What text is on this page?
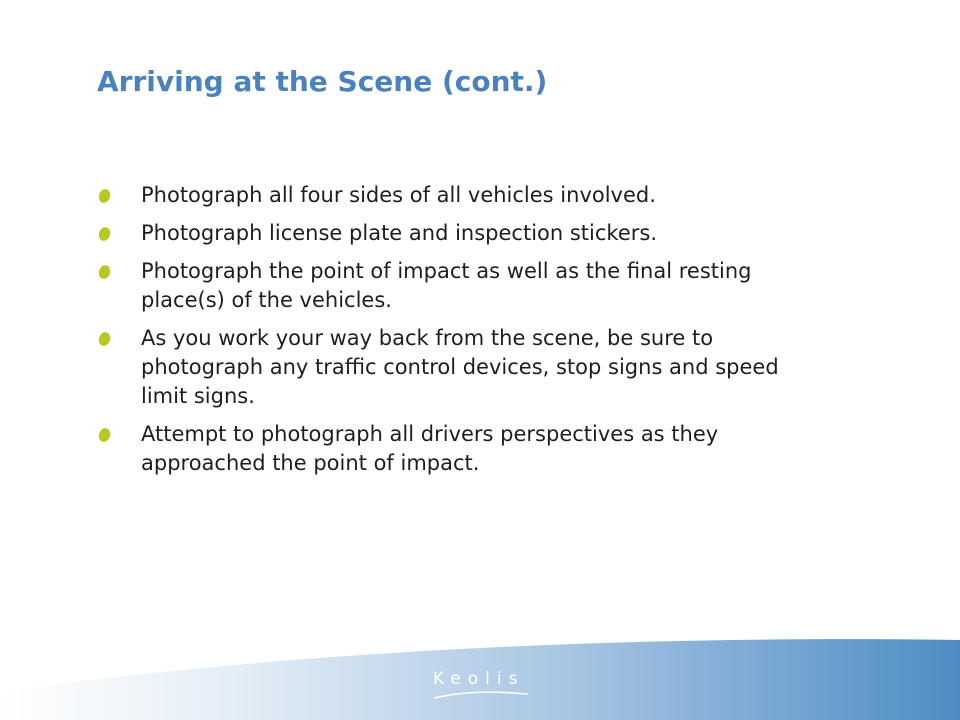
Arriving at the Scene (cont.)
Photograph all four sides of all vehicles involved.
Photograph license plate and inspection stickers.
Photograph the point of impact as well as the final resting place(s) of the vehicles.
As you work your way back from the scene, be sure to photograph any traffic control devices, stop signs and speed limit signs.
Attempt to photograph all drivers perspectives as they approached the point of impact.
Keolis
